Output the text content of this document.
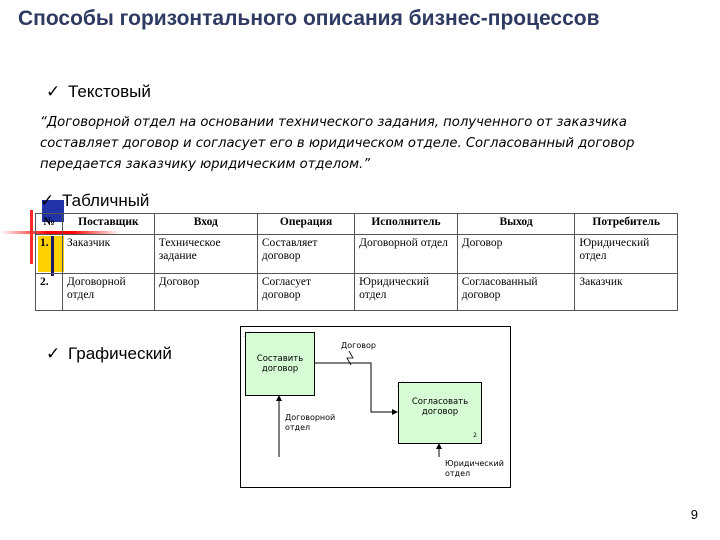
Способы горизонтального описания бизнес-процессов
✓ Текстовый
“Договорной отдел на основании технического задания, полученного от заказчика составляет договор и согласует его в юридическом отделе. Согласованный договор передается заказчику юридическим отделом.”
✓ Табличный
№	Поставщик	Вход	Операция	Исполнитель	Выход	Потребитель
1.	Заказчик	Техническое задание	Составляет договор	Договорной отдел	Договор	Юридический отдел
2.	Договорной отдел	Договор	Согласует договор	Юридический отдел	Согласованный договор	Заказчик
✓ Графический	Составить договор
Согласовать договор
2
Договор
Договорной отдел
Юридический отдел
9
